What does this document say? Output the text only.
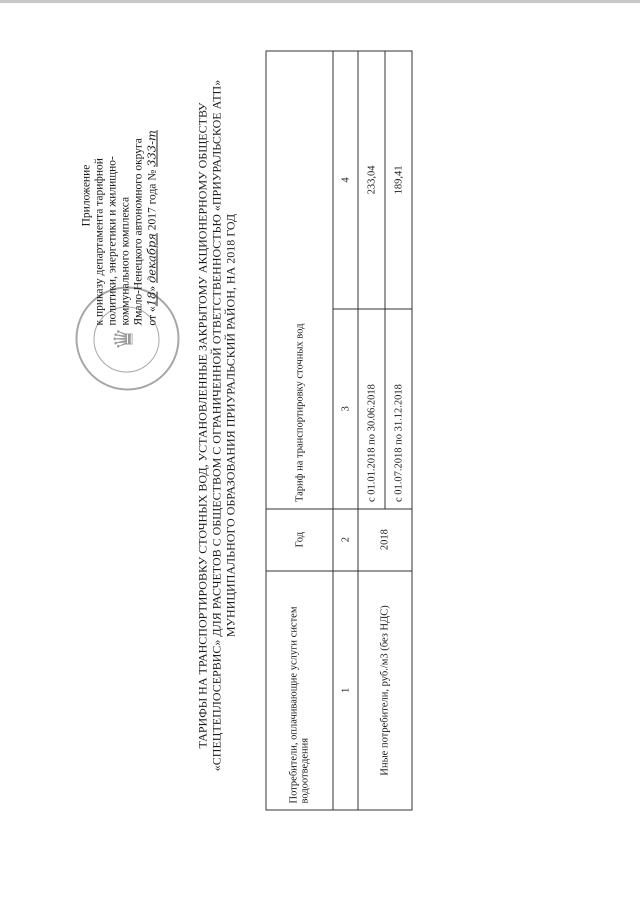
♛
Приложение к приказу департамента тарифной
политики, энергетики и жилищно-
коммунального комплекса
Ямало-Ненецкого автономного округа от «18» декабря 2017 года № 333-т	ТАРИФЫ НА ТРАНСПОРТИРОВКУ СТОЧНЫХ ВОД, УСТАНОВЛЕННЫЕ ЗАКРЫТОМУ АКЦИОНЕРНОМУ ОБЩЕСТВУ «СПЕЦТЕПЛОСЕРВИС» ДЛЯ РАСЧЕТОВ С ОБЩЕСТВОМ С ОГРАНИЧЕННОЙ ОТВЕТСТВЕННОСТЬЮ «ПРИУРАЛЬСКОЕ АТП» МУНИЦИПАЛЬНОГО ОБРАЗОВАНИЯ ПРИУРАЛЬСКИЙ РАЙОН, НА 2018 ГОД
Потребители, оплачивающие услуги систем водоотведения	Год	Тариф на транспортировку сточных вод	
1	2	3	4
Иные потребители, руб./м3 (без НДС)	2018	с 01.01.2018 по 30.06.2018	233,04
		с 01.07.2018 по 31.12.2018	189,41
